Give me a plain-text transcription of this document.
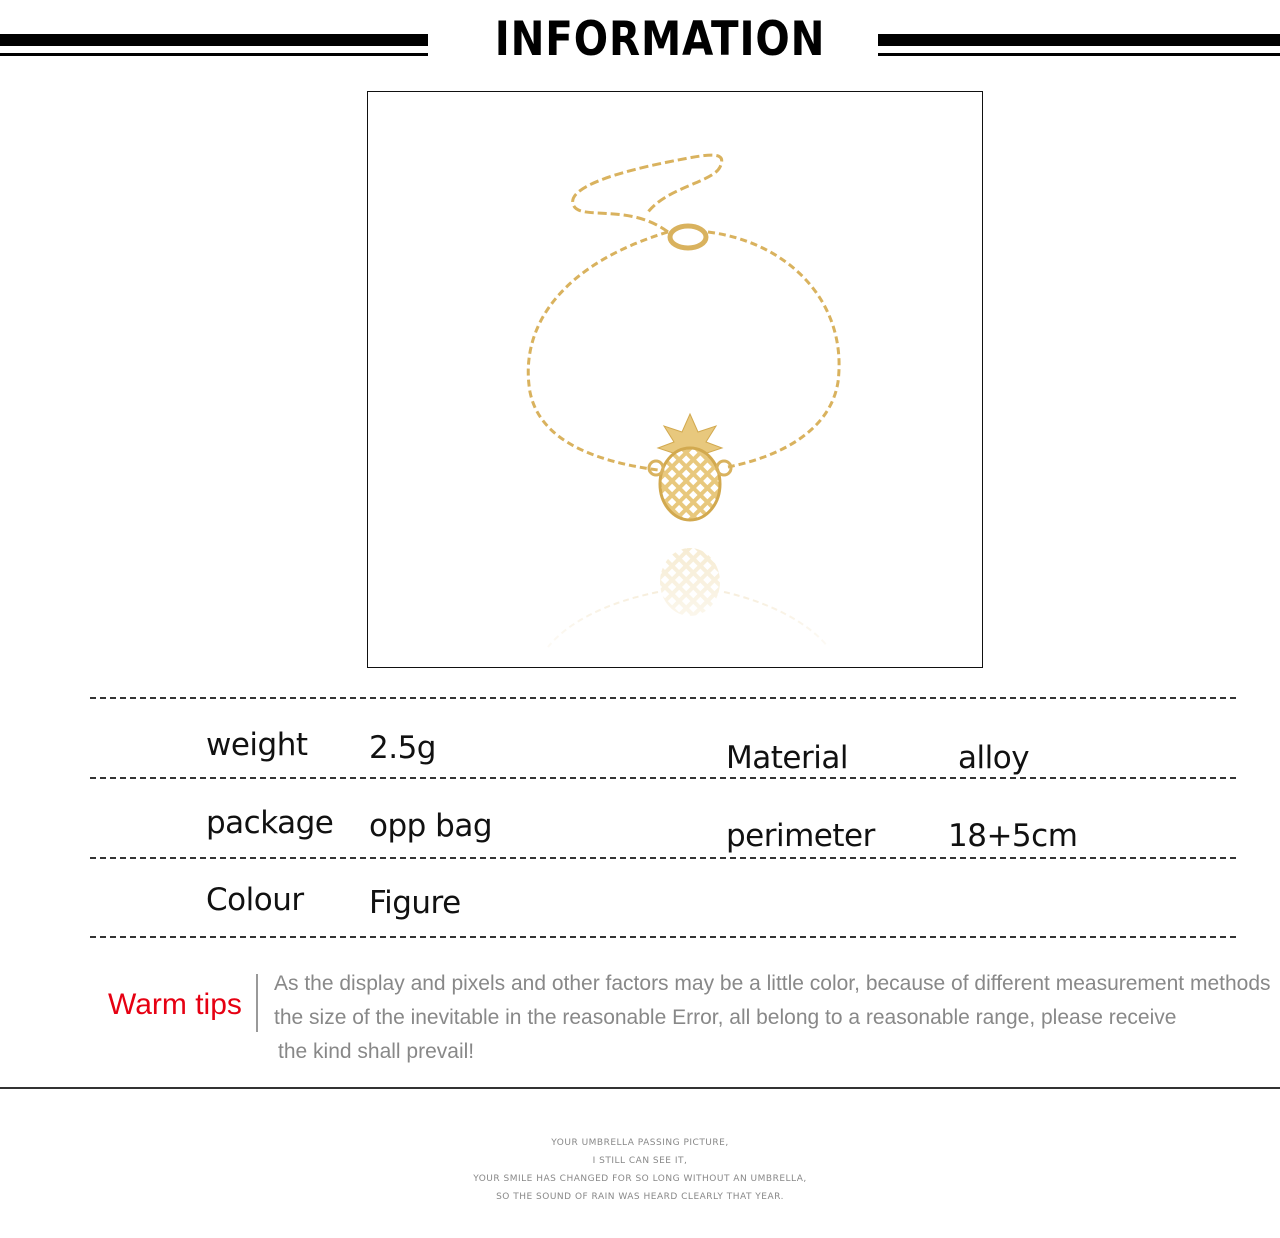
INFORMATION
weight 2.5g	Material	alloy
package opp bag	perimeter 18+5cm
Colour Figure
Warm tips
As the display and pixels and other factors may be a little color, because of different measurement methods
the size of the inevitable in the reasonable Error, all belong to a reasonable range, please receive
the kind shall prevail!
YOUR UMBRELLA PASSING PICTURE,
I STILL CAN SEE IT,
YOUR SMILE HAS CHANGED FOR SO LONG WITHOUT AN UMBRELLA,
SO THE SOUND OF RAIN WAS HEARD CLEARLY THAT YEAR.
